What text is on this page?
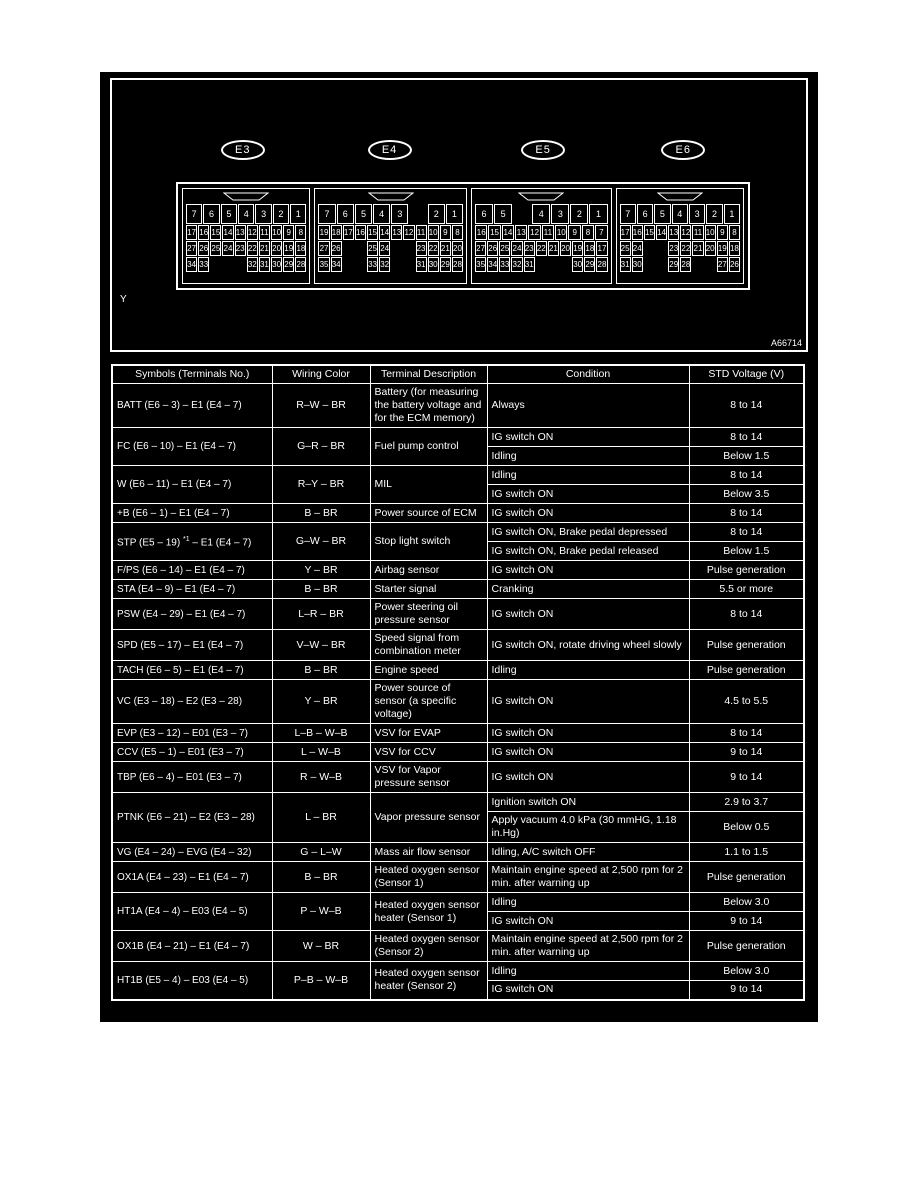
E3	E4	E5	E6
7	6	5	4	3	2	1
17 16 15 14 13 12 11 10 9 8
27 26 25 24 23 22 21 20 19 18
34 33	32 31 30 29 28
7	6	5	4	3	2	1
19 18 17 16 15 14 13 12 11 10 9 8
27 26	25 24	23 22 21 20
35 34	33 32	31 30 29 28
6	5	4	3	2	1
16 15 14 13 12 11 10 9	8	7
27 26 25 24 23 22 21 20 19 18 17
35 34 33 32 31	30 29 28
7	6	5	4	3	2	1
17 16 15 14 13 12 11 10 9 8
25 24	23 22 21 20 19 18
31 30	29 28	27 26
Y
A66714
Symbols (Terminals No.)	Wiring Color	Terminal Description	Condition	STD Voltage (V)
BATT (E6 – 3) – E1 (E4 – 7)	R–W – BR	Battery (for measuring the battery voltage and for the ECM memory)	Always	8 to 14
FC (E6 – 10) – E1 (E4 – 7)	G–R – BR	Fuel pump control	IG switch ON	8 to 14
			Idling	Below 1.5
W (E6 – 11) – E1 (E4 – 7)	R–Y – BR	MIL	Idling	8 to 14
			IG switch ON	Below 3.5
+B (E6 – 1) – E1 (E4 – 7)	B – BR	Power source of ECM	IG switch ON	8 to 14
STP (E5 – 19) $^{*1}$ – E1 (E4 – 7)	G–W – BR	Stop light switch	IG switch ON, Brake pedal depressed	8 to 14
			IG switch ON, Brake pedal released	Below 1.5
F/PS (E6 – 14) – E1 (E4 – 7)	Y – BR	Airbag sensor	IG switch ON	Pulse generation
STA (E4 – 9) – E1 (E4 – 7)	B – BR	Starter signal	Cranking	5.5 or more
PSW (E4 – 29) – E1 (E4 – 7)	L–R – BR	Power steering oil pressure sensor	IG switch ON	8 to 14
SPD (E5 – 17) – E1 (E4 – 7)	V–W – BR	Speed signal from combination meter	IG switch ON, rotate driving wheel slowly	Pulse generation
TACH (E6 – 5) – E1 (E4 – 7)	B – BR	Engine speed	Idling	Pulse generation
VC (E3 – 18) – E2 (E3 – 28)	Y – BR	Power source of sensor (a specific voltage)	IG switch ON	4.5 to 5.5
EVP (E3 – 12) – E01 (E3 – 7)	L–B – W–B	VSV for EVAP	IG switch ON	8 to 14
CCV (E5 – 1) – E01 (E3 – 7)	L – W–B	VSV for CCV	IG switch ON	9 to 14
TBP (E6 – 4) – E01 (E3 – 7)	R – W–B	VSV for Vapor pressure sensor	IG switch ON	9 to 14
PTNK (E6 – 21) – E2 (E3 – 28)	L – BR	Vapor pressure sensor	Ignition switch ON	2.9 to 3.7
			Apply vacuum 4.0 kPa (30 mmHG, 1.18 in.Hg)	Below 0.5
VG (E4 – 24) – EVG (E4 – 32)	G – L–W	Mass air flow sensor	Idling, A/C switch OFF	1.1 to 1.5
OX1A (E4 – 23) – E1 (E4 – 7)	B – BR	Heated oxygen sensor (Sensor 1)	Maintain engine speed at 2,500 rpm for 2 min. after warning up	Pulse generation
HT1A (E4 – 4) – E03 (E4 – 5)	P – W–B	Heated oxygen sensor heater (Sensor 1)	Idling	Below 3.0
			IG switch ON	9 to 14
OX1B (E4 – 21) – E1 (E4 – 7)	W – BR	Heated oxygen sensor (Sensor 2)	Maintain engine speed at 2,500 rpm for 2 min. after warning up	Pulse generation
HT1B (E5 – 4) – E03 (E4 – 5)	P–B – W–B	Heated oxygen sensor heater (Sensor 2)	Idling	Below 3.0
			IG switch ON	9 to 14
